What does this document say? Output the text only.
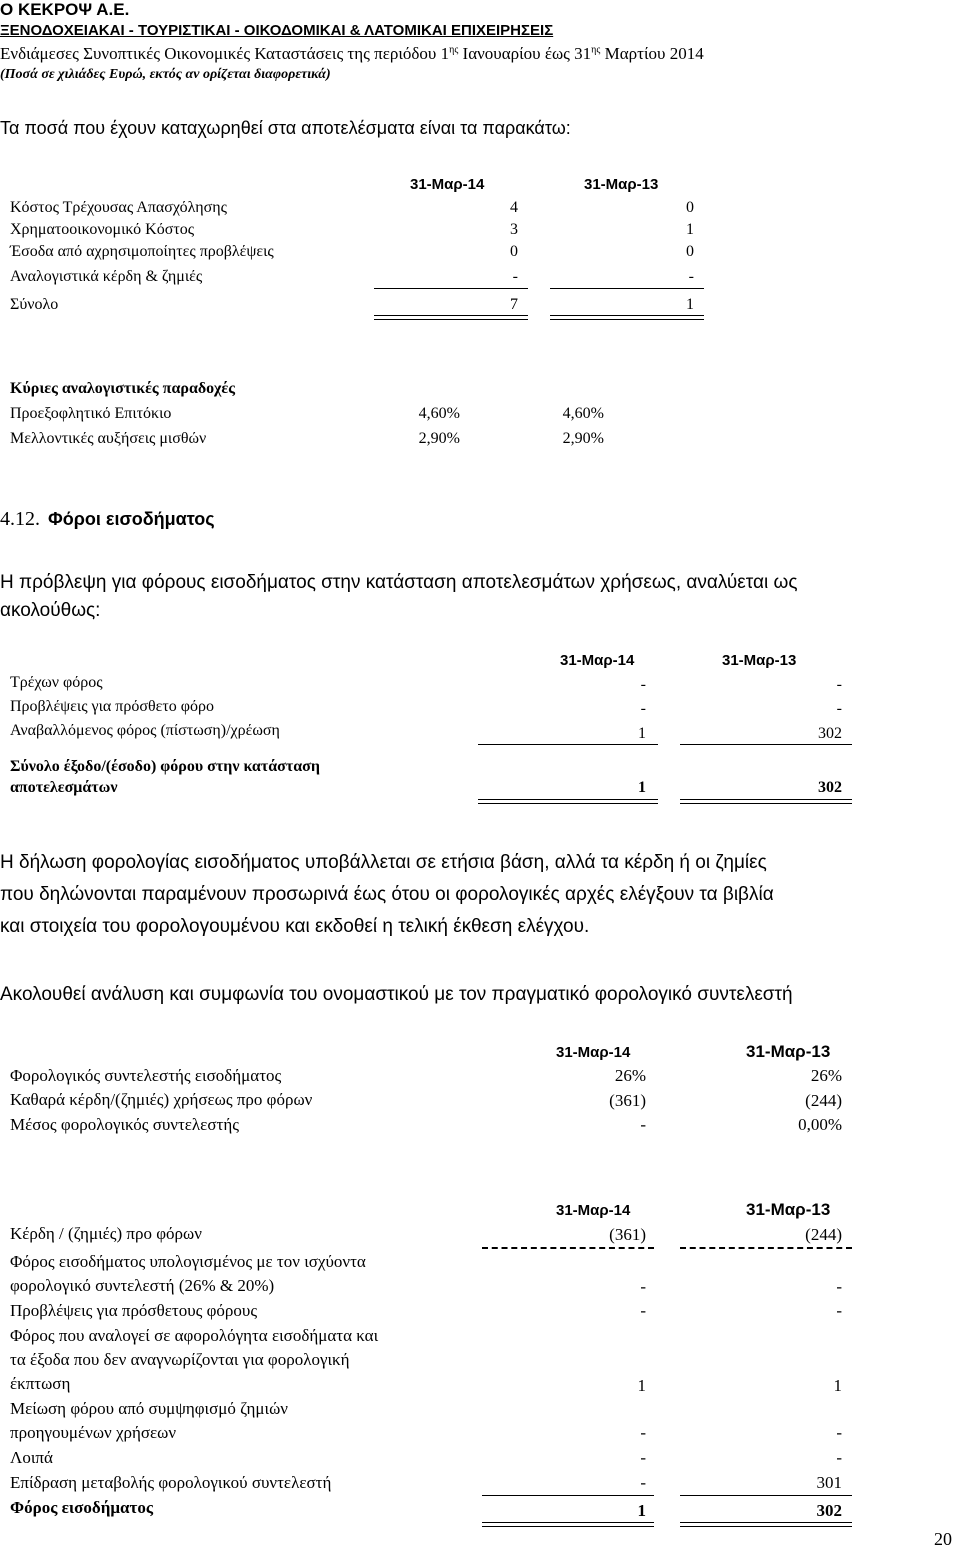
Ο ΚΕΚΡΟΨ Α.Ε.
ΞΕΝΟΔΟΧΕΙΑΚΑΙ - ΤΟΥΡΙΣΤΙΚΑΙ - ΟΙΚΟΔΟΜΙΚΑΙ & ΛΑΤΟΜΙΚΑΙ ΕΠΙΧΕΙΡΗΣΕΙΣ
Ενδιάμεσες Συνοπτικές Οικονομικές Καταστάσεις της περιόδου $1^{\eta\varsigma}$ Ιανουαρίου έως $31^{\eta\varsigma}$ Μαρτίου 2014
(Ποσά σε χιλιάδες Ευρώ, εκτός αν ορίζεται διαφορετικά)
Τα ποσά που έχουν καταχωρηθεί στα αποτελέσματα είναι τα παρακάτω:
31-Μαρ-14	31-Μαρ-13
Κόστος Τρέχουσας Απασχόλησης	4	0
Χρηματοοικονομικό Κόστος	3	1
Έσοδα από αχρησιμοποίητες προβλέψεις	0	0
Αναλογιστικά κέρδη & ζημιές	-	-
Σύνολο	7	1
Κύριες αναλογιστικές παραδοχές
Προεξοφλητικό Επιτόκιο	4,60%	4,60%
Μελλοντικές αυξήσεις μισθών	2,90%	2,90%
4.12. Φόροι εισοδήματος
Η πρόβλεψη για φόρους εισοδήματος στην κατάσταση αποτελεσμάτων χρήσεως, αναλύεται ως
ακολούθως:
31-Μαρ-14	31-Μαρ-13
Τρέχων φόρος	-	-
Προβλέψεις για πρόσθετο φόρο	-	-
Αναβαλλόμενος φόρος (πίστωση)/χρέωση	1	302
Σύνολο έξοδο/(έσοδο) φόρου στην κατάσταση
αποτελεσμάτων	1	302
Η δήλωση φορολογίας εισοδήματος υποβάλλεται σε ετήσια βάση, αλλά τα κέρδη ή οι ζημίες
που δηλώνονται παραμένουν προσωρινά έως ότου οι φορολογικές αρχές ελέγξουν τα βιβλία
και στοιχεία του φορολογουμένου και εκδοθεί η τελική έκθεση ελέγχου.
Ακολουθεί ανάλυση και συμφωνία του ονομαστικού με τον πραγματικό φορολογικό συντελεστή
31-Μαρ-14	31-Μαρ-13
Φορολογικός συντελεστής εισοδήματος	26%	26%
Καθαρά κέρδη/(ζημιές) χρήσεως προ φόρων	(361)	(244)
Μέσος φορολογικός συντελεστής	-	0,00%
31-Μαρ-14	31-Μαρ-13
Κέρδη / (ζημιές) προ φόρων	(361)	(244)
Φόρος εισοδήματος υπολογισμένος με τον ισχύοντα
φορολογικό συντελεστή (26% & 20%)	-	-
Προβλέψεις για πρόσθετους φόρους	-	-
Φόρος που αναλογεί σε αφορολόγητα εισοδήματα και
τα έξοδα που δεν αναγνωρίζονται για φορολογική
έκπτωση	1	1
Μείωση φόρου από συμψηφισμό ζημιών
προηγουμένων χρήσεων	-	-
Λοιπά	-	-
Επίδραση μεταβολής φορολογικού συντελεστή	-	301
Φόρος εισοδήματος	1	302
20
